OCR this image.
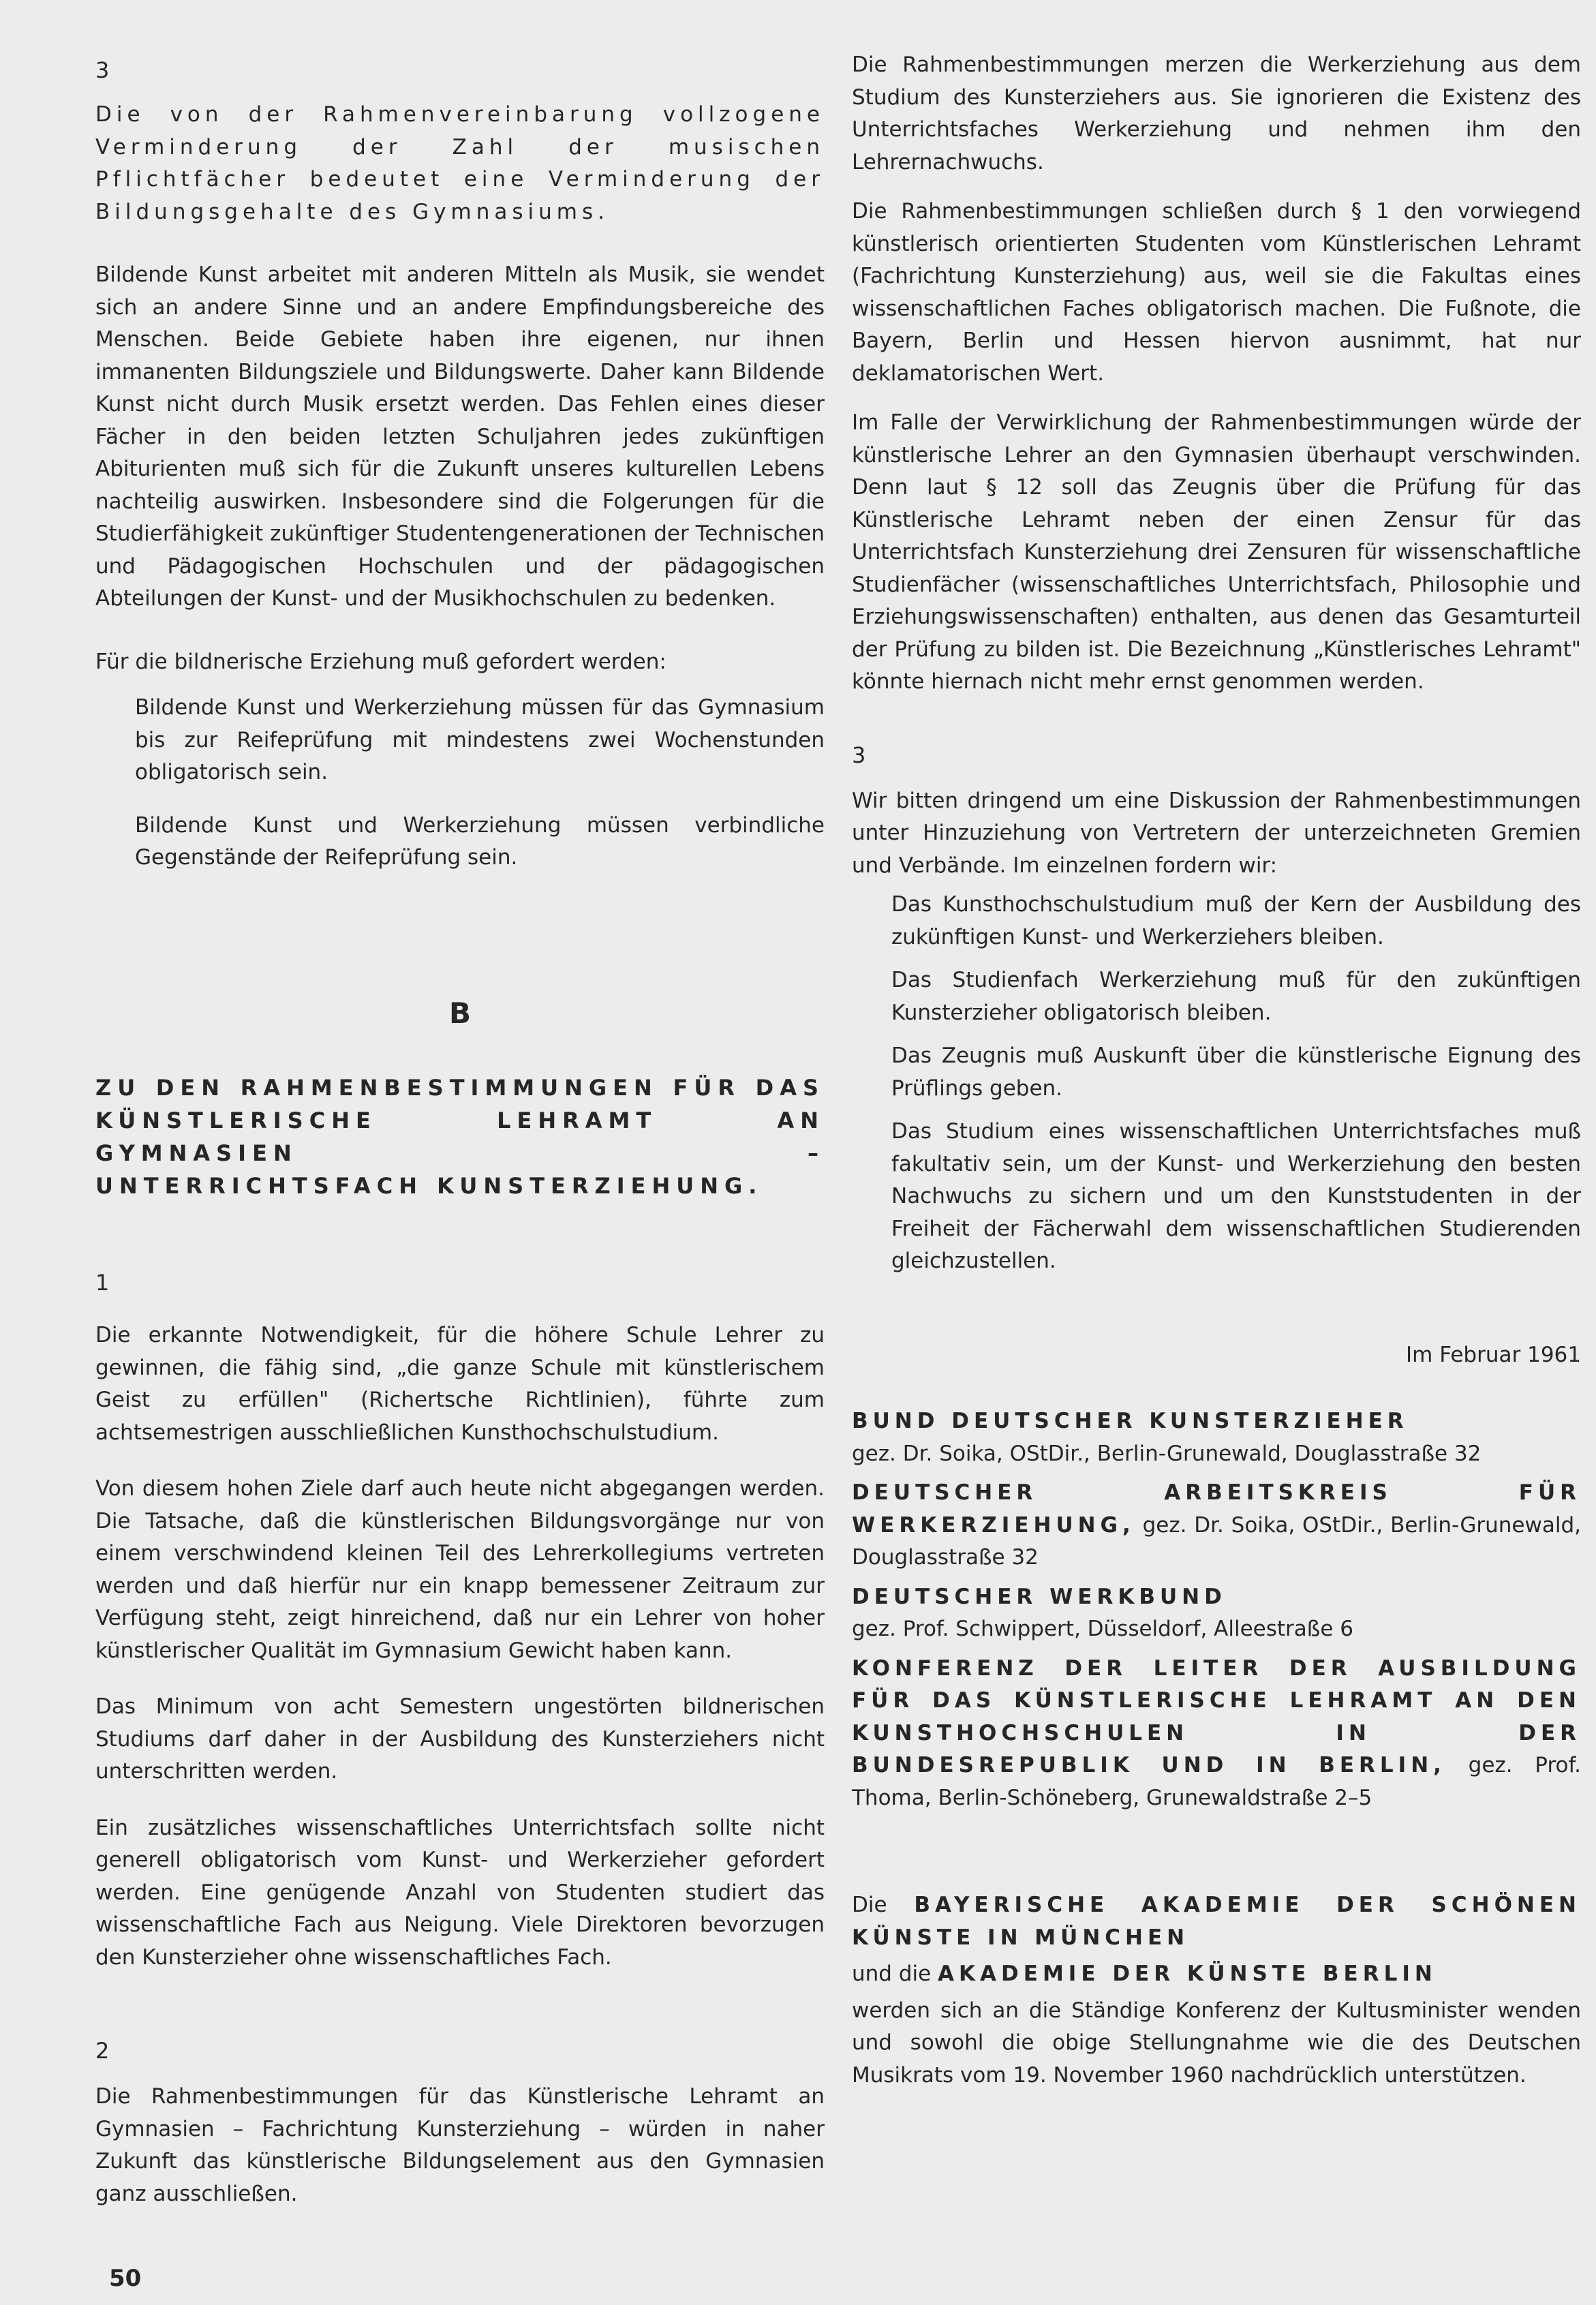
3

Die von der Rahmenvereinbarung vollzogene Verminderung der Zahl der musischen Pflichtfächer bedeutet eine Verminderung der Bildungsgehalte des Gymnasiums.

Bildende Kunst arbeitet mit anderen Mitteln als Musik, sie wendet sich an andere Sinne und an andere Empfindungsbereiche des Menschen. Beide Gebiete haben ihre eigenen, nur ihnen immanenten Bildungsziele und Bildungswerte. Daher kann Bildende Kunst nicht durch Musik ersetzt werden. Das Fehlen eines dieser Fächer in den beiden letzten Schuljahren jedes zukünftigen Abiturienten muß sich für die Zukunft unseres kulturellen Lebens nachteilig auswirken. Insbesondere sind die Folgerungen für die Studierfähigkeit zukünftiger Studentengenerationen der Technischen und Pädagogischen Hochschulen und der pädagogischen Abteilungen der Kunst- und der Musikhochschulen zu bedenken.

Für die bildnerische Erziehung muß gefordert werden:

Bildende Kunst und Werkerziehung müssen für das Gymnasium bis zur Reifeprüfung mit mindestens zwei Wochenstunden obligatorisch sein.

Bildende Kunst und Werkerziehung müssen verbindliche Gegenstände der Reifeprüfung sein.

B

ZU DEN RAHMENBESTIMMUNGEN FÜR DAS

KÜNSTLERISCHE LEHRAMT AN GYMNASIEN –

UNTERRICHTSFACH KUNSTERZIEHUNG.

1

Die erkannte Notwendigkeit, für die höhere Schule Lehrer zu gewinnen, die fähig sind, „die ganze Schule mit künstlerischem Geist zu erfüllen" (Richertsche Richtlinien), führte zum achtsemestrigen ausschließlichen Kunsthochschulstudium.

Von diesem hohen Ziele darf auch heute nicht abgegangen werden. Die Tatsache, daß die künstlerischen Bildungsvorgänge nur von einem verschwindend kleinen Teil des Lehrerkollegiums vertreten werden und daß hierfür nur ein knapp bemessener Zeitraum zur Verfügung steht, zeigt hinreichend, daß nur ein Lehrer von hoher künstlerischer Qualität im Gymnasium Gewicht haben kann.

Das Minimum von acht Semestern ungestörten bildnerischen Studiums darf daher in der Ausbildung des Kunsterziehers nicht unterschritten werden.

Ein zusätzliches wissenschaftliches Unterrichtsfach sollte nicht generell obligatorisch vom Kunst- und Werkerzieher gefordert werden. Eine genügende Anzahl von Studenten studiert das wissenschaftliche Fach aus Neigung. Viele Direktoren bevorzugen den Kunsterzieher ohne wissenschaftliches Fach.

2

Die Rahmenbestimmungen für das Künstlerische Lehramt an Gymnasien – Fachrichtung Kunsterziehung – würden in naher Zukunft das künstlerische Bildungselement aus den Gymnasien ganz ausschließen.

50

Die Rahmenbestimmungen merzen die Werkerziehung aus dem Studium des Kunsterziehers aus. Sie ignorieren die Existenz des Unterrichtsfaches Werkerziehung und nehmen ihm den Lehrernachwuchs.

Die Rahmenbestimmungen schließen durch § 1 den vorwiegend künstlerisch orientierten Studenten vom Künstlerischen Lehramt (Fachrichtung Kunsterziehung) aus, weil sie die Fakultas eines wissenschaftlichen Faches obligatorisch machen. Die Fußnote, die Bayern, Berlin und Hessen hiervon ausnimmt, hat nur deklamatorischen Wert.

Im Falle der Verwirklichung der Rahmenbestimmungen würde der künstlerische Lehrer an den Gymnasien überhaupt verschwinden. Denn laut § 12 soll das Zeugnis über die Prüfung für das Künstlerische Lehramt neben der einen Zensur für das Unterrichtsfach Kunsterziehung drei Zensuren für wissenschaftliche Studienfächer (wissenschaftliches Unterrichtsfach, Philosophie und Erziehungswissenschaften) enthalten, aus denen das Gesamturteil der Prüfung zu bilden ist. Die Bezeichnung „Künstlerisches Lehramt" könnte hiernach nicht mehr ernst genommen werden.

3

Wir bitten dringend um eine Diskussion der Rahmenbestimmungen unter Hinzuziehung von Vertretern der unterzeichneten Gremien und Verbände. Im einzelnen fordern wir:

Das Kunsthochschulstudium muß der Kern der Ausbildung des zukünftigen Kunst- und Werkerziehers bleiben.

Das Studienfach Werkerziehung muß für den zukünftigen Kunsterzieher obligatorisch bleiben.

Das Zeugnis muß Auskunft über die künstlerische Eignung des Prüflings geben.

Das Studium eines wissenschaftlichen Unterrichtsfaches muß fakultativ sein, um der Kunst- und Werkerziehung den besten Nachwuchs zu sichern und um den Kunststudenten in der Freiheit der Fächerwahl dem wissenschaftlichen Studierenden gleichzustellen.

Im Februar 1961

BUND DEUTSCHER KUNSTERZIEHER

gez. Dr. Soika, OStDir., Berlin-Grunewald, Douglasstraße 32

DEUTSCHER ARBEITSKREIS FÜR WERKERZIEHUNG, gez. Dr. Soika, OStDir., Berlin-Grunewald, Douglasstraße 32

DEUTSCHER WERKBUND

gez. Prof. Schwippert, Düsseldorf, Alleestraße 6

KONFERENZ DER LEITER DER AUSBILDUNG FÜR DAS KÜNSTLERISCHE LEHRAMT AN DEN KUNSTHOCHSCHULEN IN DER BUNDESREPUBLIK UND IN BERLIN, gez. Prof. Thoma, Berlin-Schöneberg, Grunewaldstraße 2–5

Die BAYERISCHE AKADEMIE DER SCHÖNEN KÜNSTE IN MÜNCHEN

und die AKADEMIE DER KÜNSTE BERLIN

werden sich an die Ständige Konferenz der Kultusminister wenden und sowohl die obige Stellungnahme wie die des Deutschen Musikrats vom 19. November 1960 nachdrücklich unterstützen.
